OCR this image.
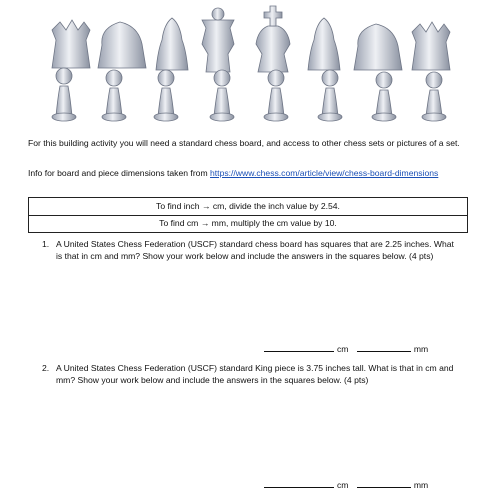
For this building activity you will need a standard chess board, and access to other chess sets or pictures of a set.
Info for board and piece dimensions taken from https://www.chess.com/article/view/chess-board-dimensions
To find inch → cm, divide the inch value by 2.54.
To find cm → mm, multiply the cm value by 10.
1. A United States Chess Federation (USCF) standard chess board has squares that are 2.25 inches. What is that in cm and mm? Show your work below and include the answers in the squares below. (4 pts)
cm	mm
2. A United States Chess Federation (USCF) standard King piece is 3.75 inches tall. What is that in cm and mm? Show your work below and include the answers in the squares below. (4 pts)
cm	mm
